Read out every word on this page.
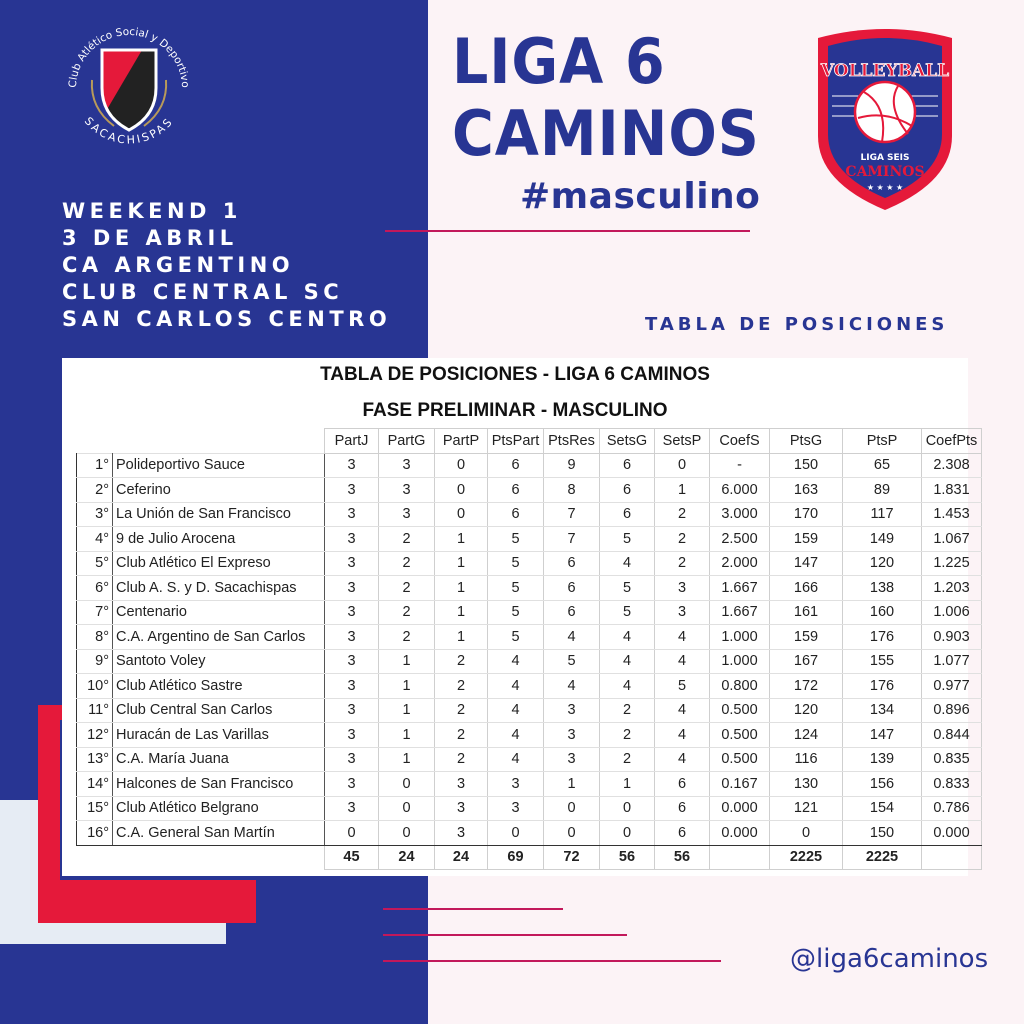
Club Atlético Social y Deportivo
SACACHISPAS
WEEKEND 1
3 DE ABRIL
CA ARGENTINO
CLUB CENTRAL SC
SAN CARLOS CENTRO
LIGA 6
CAMINOS
#masculino
VOLLEYBALL
LIGA SEIS
CAMINOS
★ ★ ★ ★
TABLA DE POSICIONES
TABLA DE POSICIONES - LIGA 6 CAMINOS
FASE PRELIMINAR - MASCULINO
		PartJ	PartG	PartP	PtsPart	PtsRes	SetsG	SetsP	CoefS	PtsG	PtsP	CoefPts
1°	Polideportivo Sauce	3	3	0	6	9	6	0	-	150	65	2.308
2°	Ceferino	3	3	0	6	8	6	1	6.000	163	89	1.831
3°	La Unión de San Francisco	3	3	0	6	7	6	2	3.000	170	117	1.453
4°	9 de Julio Arocena	3	2	1	5	7	5	2	2.500	159	149	1.067
5°	Club Atlético El Expreso	3	2	1	5	6	4	2	2.000	147	120	1.225
6°	Club A. S. y D. Sacachispas	3	2	1	5	6	5	3	1.667	166	138	1.203
7°	Centenario	3	2	1	5	6	5	3	1.667	161	160	1.006
8°	C.A. Argentino de San Carlos	3	2	1	5	4	4	4	1.000	159	176	0.903
9°	Santoto Voley	3	1	2	4	5	4	4	1.000	167	155	1.077
10°	Club Atlético Sastre	3	1	2	4	4	4	5	0.800	172	176	0.977
11°	Club Central San Carlos	3	1	2	4	3	2	4	0.500	120	134	0.896
12°	Huracán de Las Varillas	3	1	2	4	3	2	4	0.500	124	147	0.844
13°	C.A. María Juana	3	1	2	4	3	2	4	0.500	116	139	0.835
14°	Halcones de San Francisco	3	0	3	3	1	1	6	0.167	130	156	0.833
15°	Club Atlético Belgrano	3	0	3	3	0	0	6	0.000	121	154	0.786
16°	C.A. General San Martín	0	0	3	0	0	0	6	0.000	0	150	0.000
		45	24	24	69	72	56	56		2225	2225	
@liga6caminos
